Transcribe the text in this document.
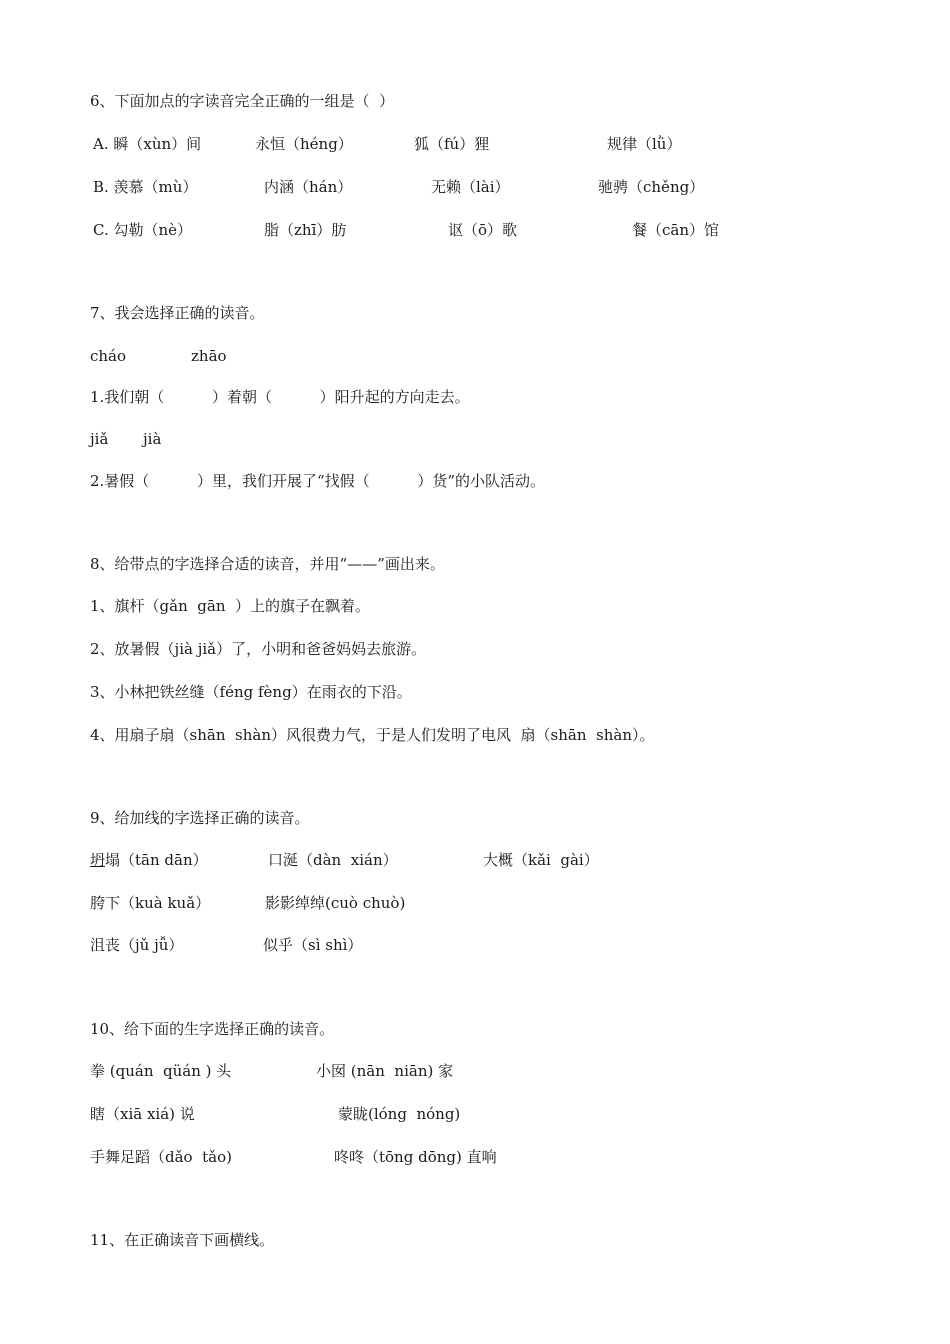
6、下面加点的字读音完全正确的一组是（  ）
A. 瞬（xùn）间	永恒（héng）	狐（fú）狸	规律（lǜ）
B. 羡慕（mù）	内涵（hán）	无赖（lài）	驰骋（chěng）
C. 勾勒（nè）	脂（zhī）肪	讴（ō）歌	餐（cān）馆
7、我会选择正确的读音。
cháo	zhāo
1.我们朝（          ）着朝（          ）阳升起的方向走去。
jiǎ jià
2.暑假（          ）里，我们开展了“找假（          ）货”的小队活动。
8、给带点的字选择合适的读音，并用“——”画出来。
1、旗杆（gǎn  gān  ）上的旗子在飘着。
2、放暑假（jià jiǎ）了，小明和爸爸妈妈去旅游。
3、小林把铁丝缝（féng fèng）在雨衣的下沿。
4、用扇子扇（shān  shàn）风很费力气，于是人们发明了电风  扇（shān  shàn）。
9、给加线的字选择正确的读音。
坍塌（tān dān）	口涎（dàn  xián）	大概（kǎi  gài）
胯下（kuà kuǎ）	影影绰绰(cuò chuò)
沮丧（jǔ jǚ）	似乎（sì shì）
10、给下面的生字选择正确的读音。
拳 (quán  qüán ) 头	小囡 (nān  niān) 家
瞎（xiā xiá) 说	蒙眬(lóng  nóng)
手舞足蹈（dǎo  tǎo)	咚咚（tōng dōng) 直响
11、在正确读音下画横线。
